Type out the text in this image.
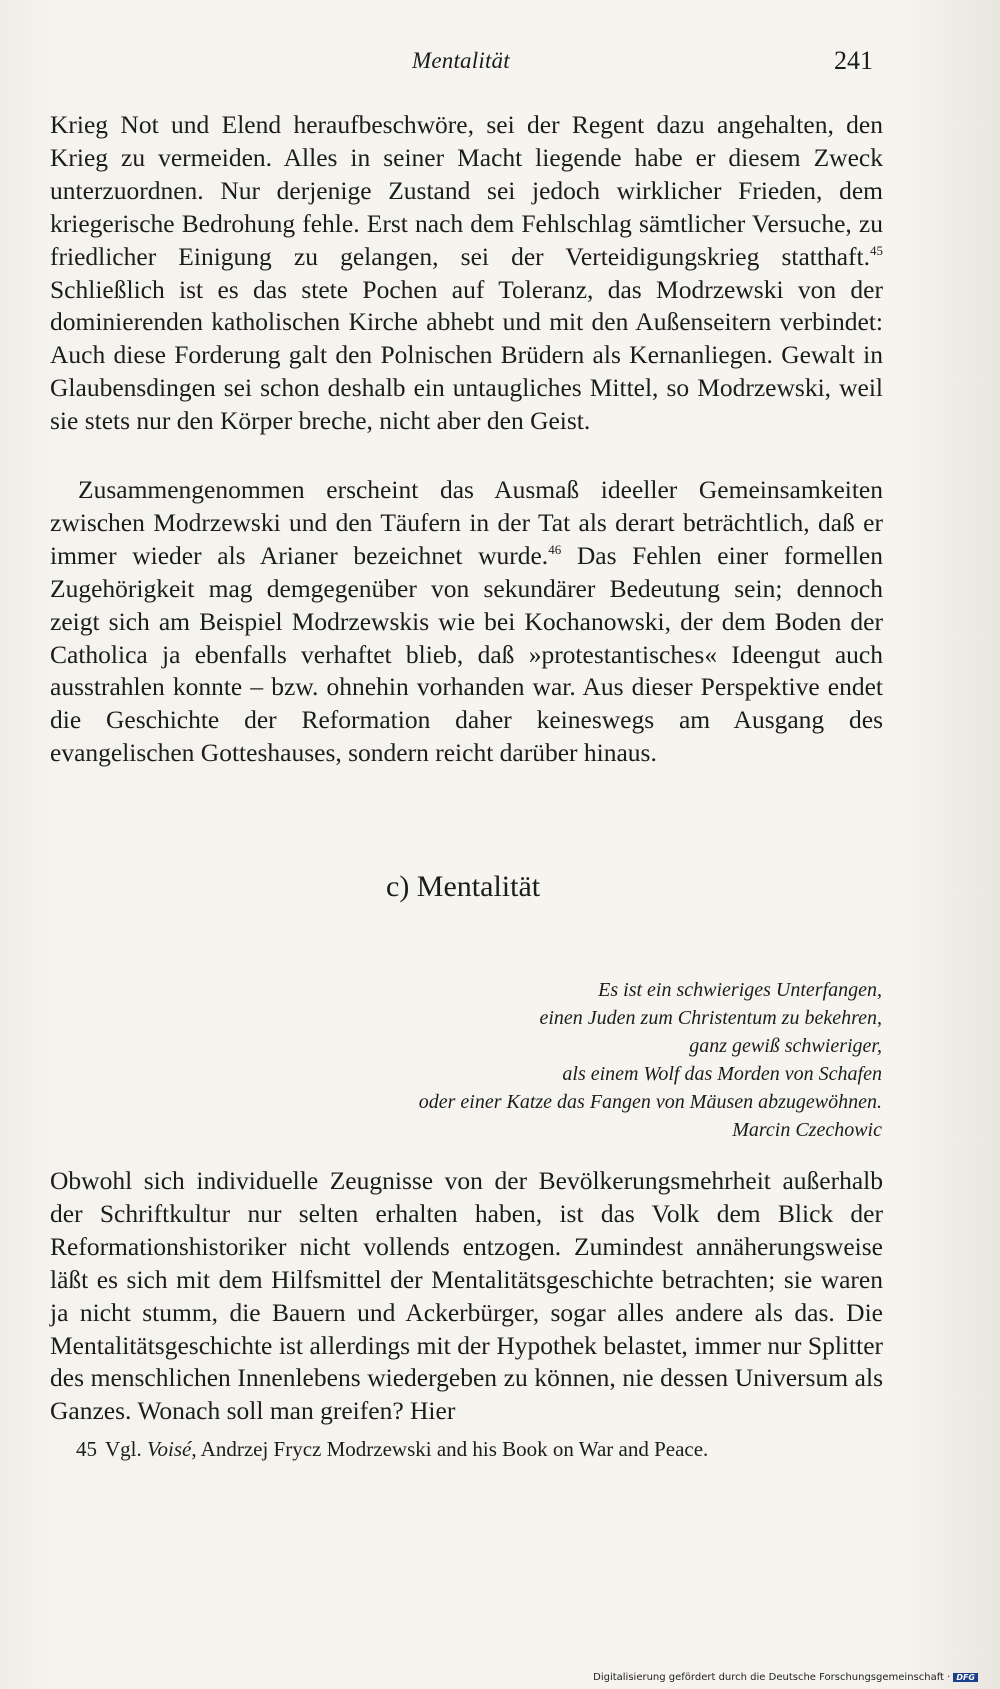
Mentalität	241

Krieg Not und Elend heraufbeschwöre, sei der Regent dazu angehalten, den Krieg zu vermeiden. Alles in seiner Macht liegende habe er diesem Zweck unterzuordnen. Nur derjenige Zustand sei jedoch wirklicher Frieden, dem kriegerische Bedrohung fehle. Erst nach dem Fehlschlag sämtlicher Versuche, zu friedlicher Einigung zu gelangen, sei der Verteidigungskrieg statthaft.$^{45}$ Schließlich ist es das stete Pochen auf Toleranz, das Modrzewski von der dominierenden katholischen Kirche abhebt und mit den Außenseitern verbindet: Auch diese Forderung galt den Polnischen Brüdern als Kernanliegen. Gewalt in Glaubensdingen sei schon deshalb ein untaugliches Mittel, so Modrzewski, weil sie stets nur den Körper breche, nicht aber den Geist.

Zusammengenommen erscheint das Ausmaß ideeller Gemeinsamkeiten zwischen Modrzewski und den Täufern in der Tat als derart beträchtlich, daß er immer wieder als Arianer bezeichnet wurde.$^{46}$ Das Fehlen einer formellen Zugehörigkeit mag demgegenüber von sekundärer Bedeutung sein; dennoch zeigt sich am Beispiel Modrzewskis wie bei Kochanowski, der dem Boden der Catholica ja ebenfalls verhaftet blieb, daß »protestantisches« Ideengut auch ausstrahlen konnte – bzw. ohnehin vorhanden war. Aus dieser Perspektive endet die Geschichte der Reformation daher keineswegs am Ausgang des evangelischen Gotteshauses, sondern reicht darüber hinaus.

c) Mentalität
Es ist ein schwieriges Unterfangen,
einen Juden zum Christentum zu bekehren,
ganz gewiß schwieriger,
als einem Wolf das Morden von Schafen
oder einer Katze das Fangen von Mäusen abzugewöhnen.
Marcin Czechowic

Obwohl sich individuelle Zeugnisse von der Bevölkerungsmehrheit außerhalb der Schriftkultur nur selten erhalten haben, ist das Volk dem Blick der Reformationshistoriker nicht vollends entzogen. Zumindest annäherungsweise läßt es sich mit dem Hilfsmittel der Mentalitätsgeschichte betrachten; sie waren ja nicht stumm, die Bauern und Ackerbürger, sogar alles andere als das. Die Mentalitätsgeschichte ist allerdings mit der Hypothek belastet, immer nur Splitter des menschlichen Innenlebens wiedergeben zu können, nie dessen Universum als Ganzes. Wonach soll man greifen? Hier

45 Vgl. Voisé, Andrzej Frycz Modrzewski and his Book on War and Peace.
Digitalisierung gefördert durch die Deutsche Forschungsgemeinschaft · DFG
